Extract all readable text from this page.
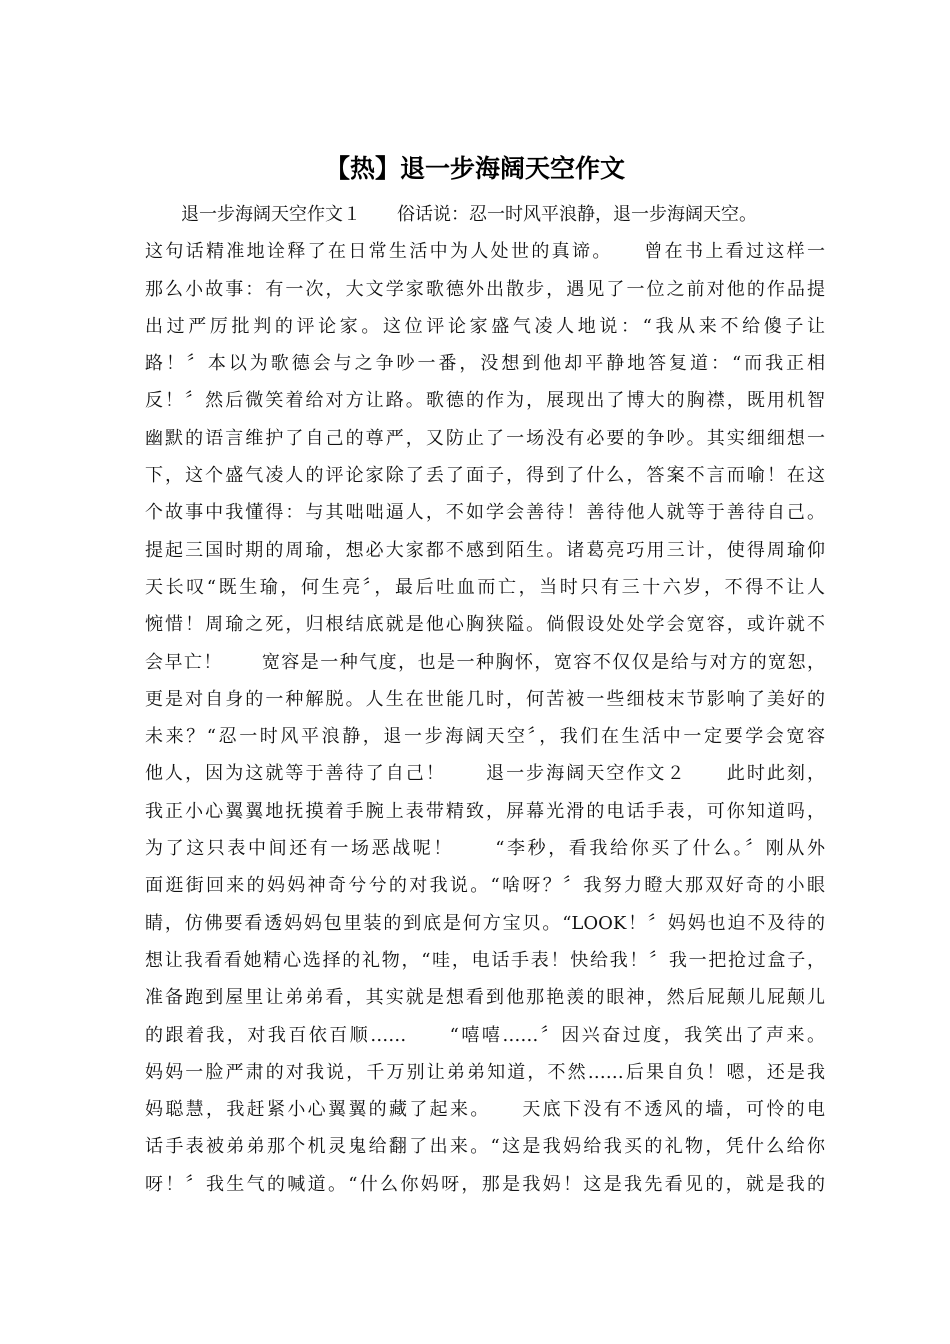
【热】退一步海阔天空作文
　　退一步海阔天空作文１　　俗话说：忍一时风平浪静，退一步海阔天空。
这句话精准地诠释了在日常生活中为人处世的真谛。　　曾在书上看过这样一
那么小故事：有一次，大文学家歌德外出散步，遇见了一位之前对他的作品提
出过严厉批判的评论家。这位评论家盛气凌人地说：“我从来不给傻子让
路！〞本以为歌德会与之争吵一番，没想到他却平静地答复道：“而我正相
反！〞然后微笑着给对方让路。歌德的作为，展现出了博大的胸襟，既用机智
幽默的语言维护了自己的尊严，又防止了一场没有必要的争吵。其实细细想一
下，这个盛气凌人的评论家除了丢了面子，得到了什么，答案不言而喻！在这
个故事中我懂得：与其咄咄逼人，不如学会善待！善待他人就等于善待自己。
提起三国时期的周瑜，想必大家都不感到陌生。诸葛亮巧用三计，使得周瑜仰
天长叹“既生瑜，何生亮〞，最后吐血而亡，当时只有三十六岁，不得不让人
惋惜！周瑜之死，归根结底就是他心胸狭隘。倘假设处处学会宽容，或许就不
会早亡！　　宽容是一种气度，也是一种胸怀，宽容不仅仅是给与对方的宽恕，
更是对自身的一种解脱。人生在世能几时，何苦被一些细枝末节影响了美好的
未来？“忍一时风平浪静，退一步海阔天空〞，我们在生活中一定要学会宽容
他人，因为这就等于善待了自己！　　退一步海阔天空作文２　　此时此刻，
我正小心翼翼地抚摸着手腕上表带精致，屏幕光滑的电话手表，可你知道吗，
为了这只表中间还有一场恶战呢！　　“李秒，看我给你买了什么。〞刚从外
面逛街回来的妈妈神奇兮兮的对我说。“啥呀？〞我努力瞪大那双好奇的小眼
睛，仿佛要看透妈妈包里装的到底是何方宝贝。“LOOK！〞妈妈也迫不及待的
想让我看看她精心选择的礼物，“哇，电话手表！快给我！〞我一把抢过盒子，
准备跑到屋里让弟弟看，其实就是想看到他那艳羡的眼神，然后屁颠儿屁颠儿
的跟着我，对我百依百顺……　　“嘻嘻……〞因兴奋过度，我笑出了声来。
妈妈一脸严肃的对我说，千万别让弟弟知道，不然……后果自负！嗯，还是我
妈聪慧，我赶紧小心翼翼的藏了起来。　　天底下没有不透风的墙，可怜的电
话手表被弟弟那个机灵鬼给翻了出来。“这是我妈给我买的礼物，凭什么给你
呀！〞我生气的喊道。“什么你妈呀，那是我妈！这是我先看见的，就是我的
